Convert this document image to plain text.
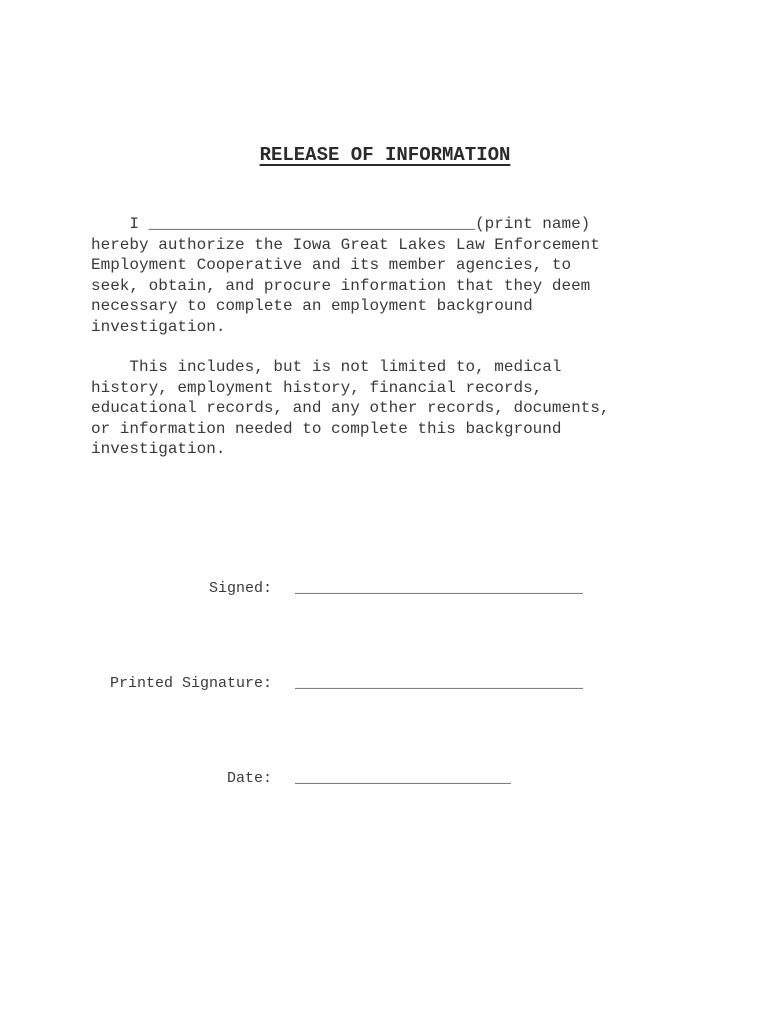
RELEASE OF INFORMATION

I __________________________________(print name)
hereby authorize the Iowa Great Lakes Law Enforcement
Employment Cooperative and its member agencies, to
seek, obtain, and procure information that they deem
necessary to complete an employment background
investigation.

This includes, but is not limited to, medical
history, employment history, financial records,
educational records, and any other records, documents,
or information needed to complete this background
investigation.

Signed: ________________________________
Printed Signature: ________________________________
Date: ________________________
